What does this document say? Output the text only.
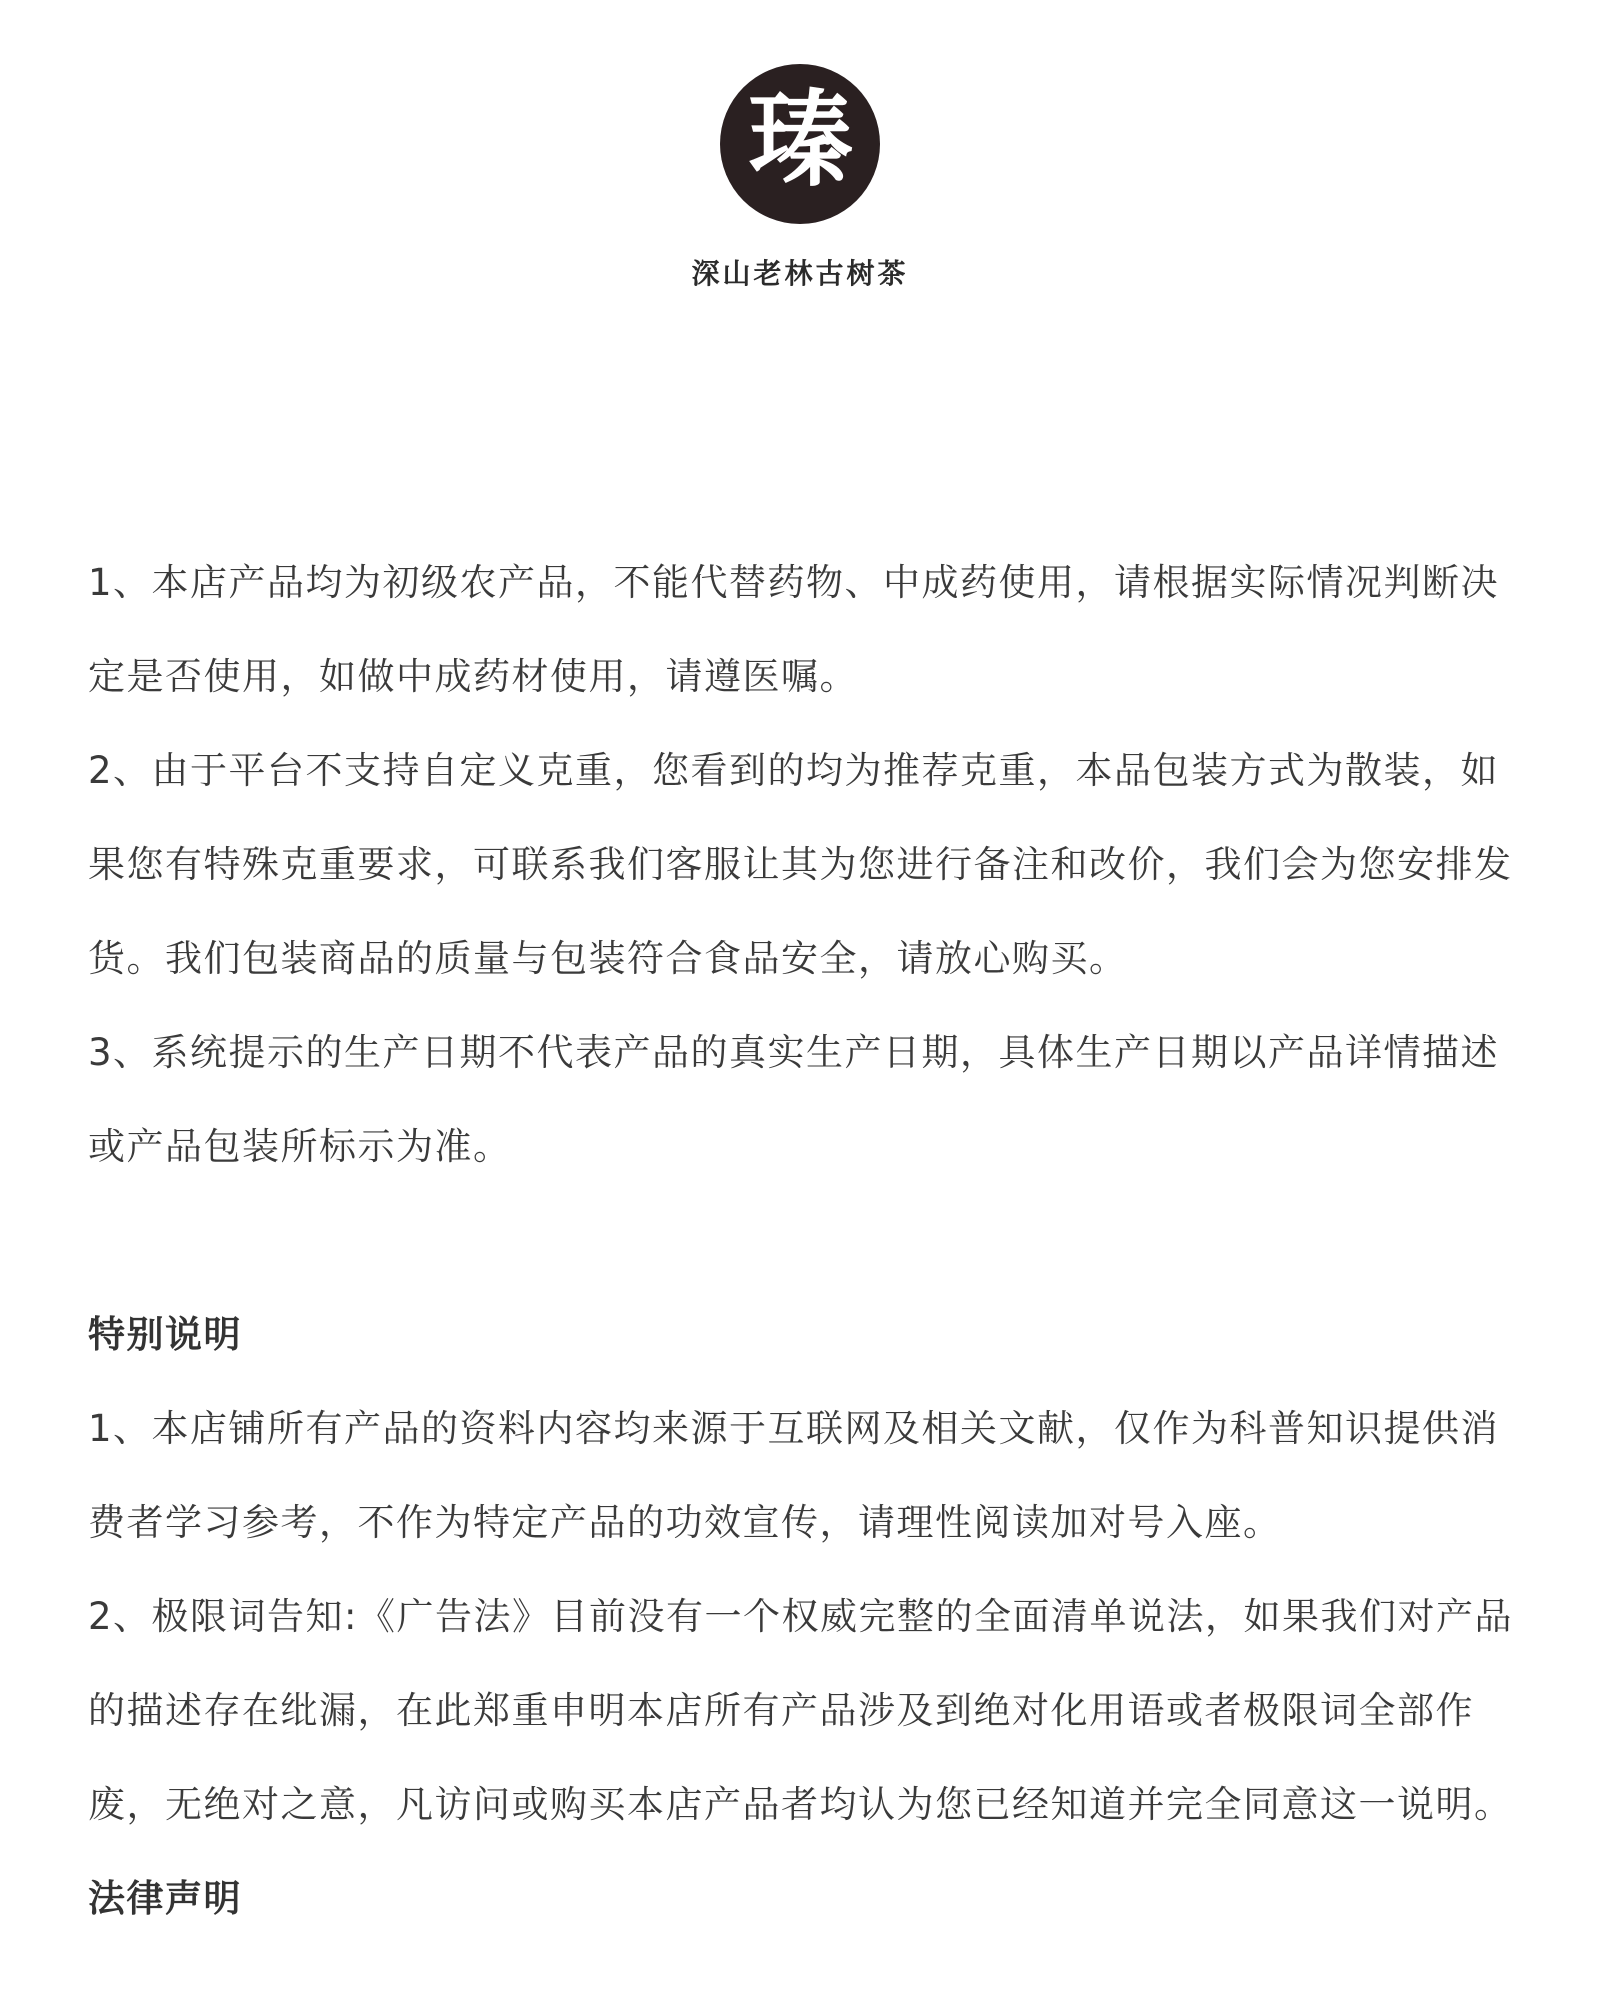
瑧
深山老林古树茶

1、本店产品均为初级农产品，不能代替药物、中成药使用，请根据实际情况判断决定是否使用，如做中成药材使用，请遵医嘱。

2、由于平台不支持自定义克重，您看到的均为推荐克重，本品包装方式为散装，如果您有特殊克重要求，可联系我们客服让其为您进行备注和改价，我们会为您安排发货。我们包装商品的质量与包装符合食品安全，请放心购买。

3、系统提示的生产日期不代表产品的真实生产日期，具体生产日期以产品详情描述或产品包装所标示为准。

特别说明

1、本店铺所有产品的资料内容均来源于互联网及相关文献，仅作为科普知识提供消费者学习参考，不作为特定产品的功效宣传，请理性阅读加对号入座。

2、极限词告知:《广告法》目前没有一个权威完整的全面清单说法，如果我们对产品的描述存在纰漏，在此郑重申明本店所有产品涉及到绝对化用语或者极限词全部作废，无绝对之意，凡访问或购买本店产品者均认为您已经知道并完全同意这一说明。

法律声明
